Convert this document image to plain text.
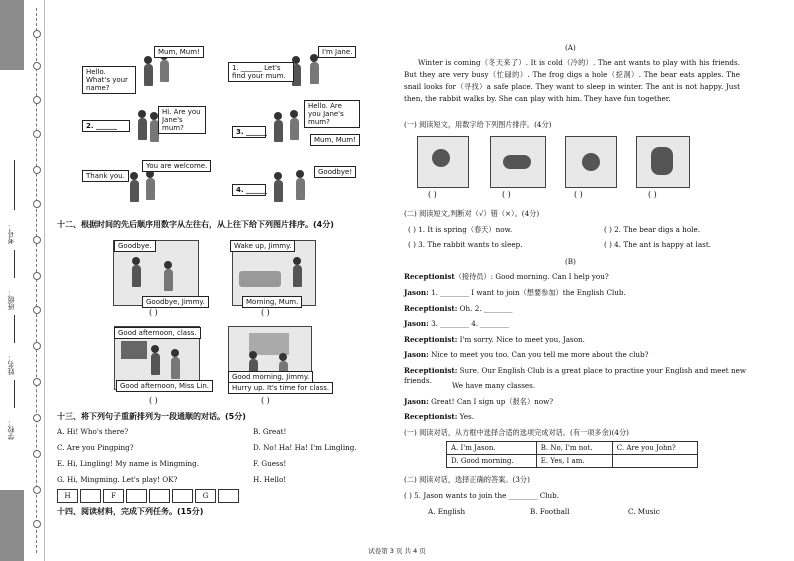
考号：
班级：
姓名：
学校：
Mum, Mum!
Hello. What's your name?
I'm Jane.
1. ______ Let's find your mum.
Hi. Are you Jane's mum?
2. ______
Hello. Are you Jane's mum?
3. ______
Mum, Mum!
You are welcome.
Thank you.
4. ______
Goodbye!
十二、根据时间的先后顺序用数字从左往右，从上往下给下列图片排序。(4分)
Goodbye.
Goodbye, Jimmy.
( )
Wake up, Jimmy.
Morning, Mum.
( )
Good afternoon, class.
Good afternoon, Miss Lin.
( )
Good morning, Jimmy.
Hurry up. It's time for class.
( )
十三、将下列句子重新排列为一段通顺的对话。(5分)
A. Hi! Who's there?	B. Great!
C. Are you Pingping?	D. No! Ha! Ha! I'm Lingling.
E. Hi, Lingling! My name is Mingming.	F. Guess!
G. Hi, Mingming. Let's play! OK?	H. Hello!
H		F				G	
十四、阅读材料，完成下列任务。(15分)
(A)
Winter is coming（冬天来了）. It is cold（冷的）. The ant wants to play with his friends. But they are very busy（忙碌的）. The frog digs a hole（挖洞）. The bear eats apples. The snail looks for（寻找）a safe place. They want to sleep in winter. The ant is not happy. Just then, the rabbit walks by. She can play with him. They have fun together.
(一) 阅读短文，用数字给下列图片排序。(4分)
( )	( )	( )	( )
(二) 阅读短文,判断对（√）错（×）。(4分)
( ) 1. It is spring（春天）now.	( ) 2. The bear digs a hole.
( ) 3. The rabbit wants to sleep.	( ) 4. The ant is happy at last.
(B)
Receptionist（接待员）: Good morning. Can I help you?
Jason: 1. ________ I want to join（想要参加）the English Club.
Receptionist: Oh. 2. ________
Jason: 3. ________ 4. ________
Receptionist: I'm sorry. Nice to meet you, Jason.
Jason: Nice to meet you too. Can you tell me more about the club?
Receptionist: Sure. Our English Club is a great place to practise your English and meet new friends.
We have many classes.
Jason: Great! Can I sign up（报名）now?
Receptionist: Yes.
(一) 阅读对话，从方框中选择合适的选项完成对话。(有一项多余)(4分)
A. I'm Jason.	B. No, I'm not.	C. Are you John?
D. Good morning.	E. Yes, I am.	
(二) 阅读对话，选择正确的答案。(3分)
( ) 5. Jason wants to join the ________ Club.
A. English	B. Football	C. Music
试卷第 3 页 共 4 页
